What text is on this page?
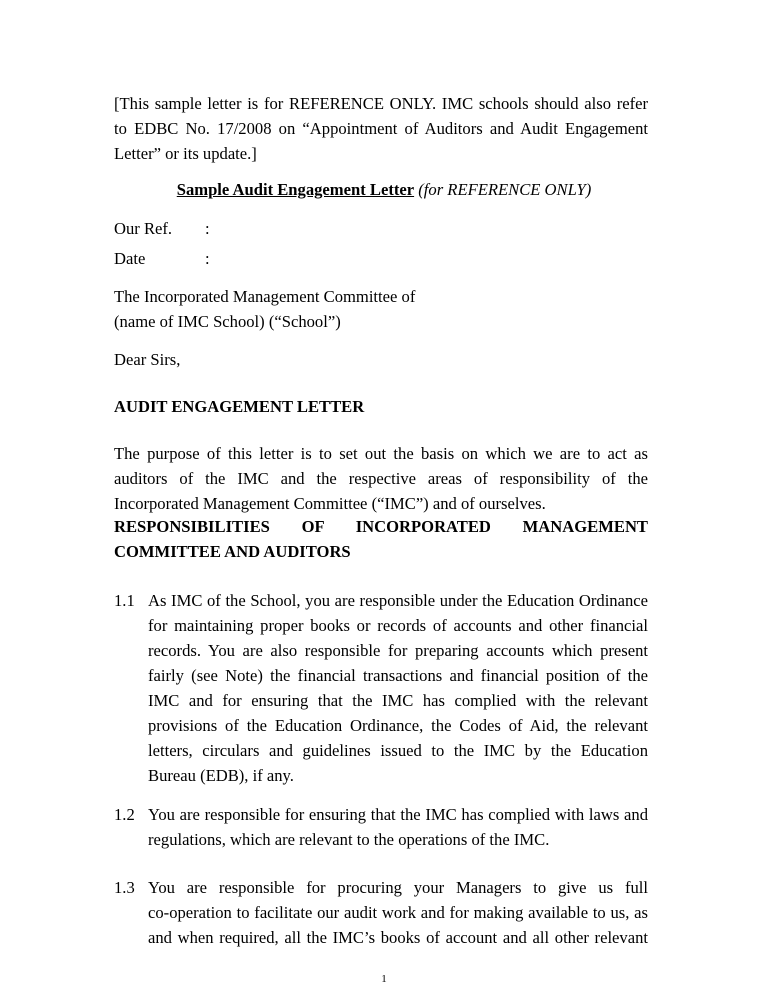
[This sample letter is for REFERENCE ONLY. IMC schools should also refer
to EDBC No. 17/2008 on “Appointment of Auditors and Audit Engagement
Letter” or its update.]
Sample Audit Engagement Letter (for REFERENCE ONLY)
Our Ref. :
Date	:
The Incorporated Management Committee of
(name of IMC School) (“School”)
Dear Sirs,
AUDIT ENGAGEMENT LETTER
The purpose of this letter is to set out the basis on which we are to act as
auditors of the IMC and the respective areas of responsibility of the
Incorporated Management Committee (“IMC”) and of ourselves.
RESPONSIBILITIES OF INCORPORATED MANAGEMENT
COMMITTEE AND AUDITORS
1.1 As IMC of the School, you are responsible under the Education Ordinance
for maintaining proper books or records of accounts and other financial
records. You are also responsible for preparing accounts which present
fairly (see Note) the financial transactions and financial position of the
IMC and for ensuring that the IMC has complied with the relevant
provisions of the Education Ordinance, the Codes of Aid, the relevant
letters, circulars and guidelines issued to the IMC by the Education
Bureau (EDB), if any.
1.2 You are responsible for ensuring that the IMC has complied with laws and
regulations, which are relevant to the operations of the IMC.
1.3 You are responsible for procuring your Managers to give us full
co-operation to facilitate our audit work and for making available to us, as
and when required, all the IMC’s books of account and all other relevant
1
